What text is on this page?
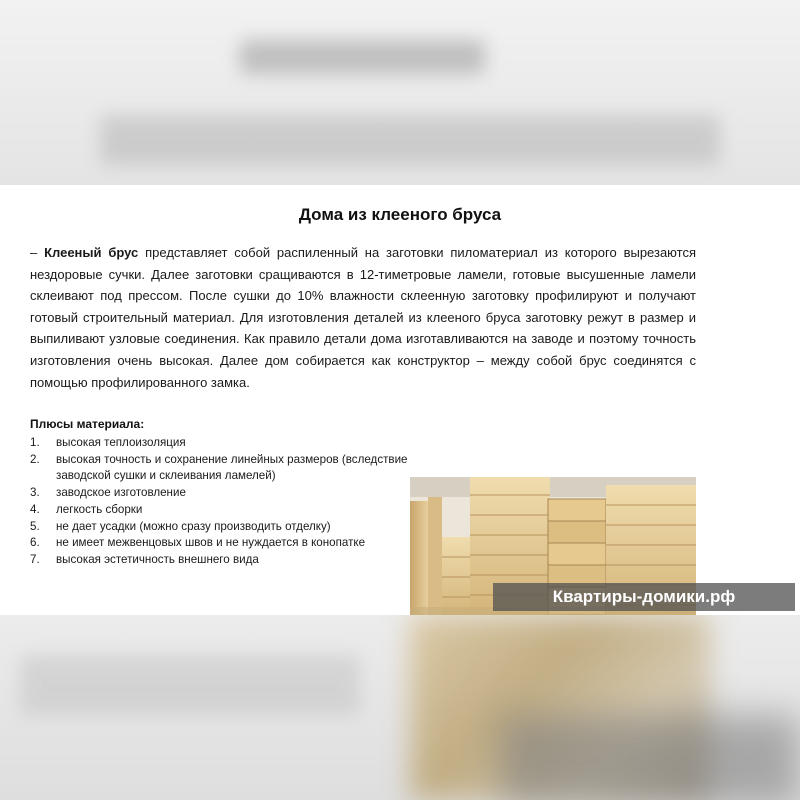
Дома из клееного бруса
– Клееный брус представляет собой распиленный на заготовки пиломатериал из которого вырезаются нездоровые сучки. Далее заготовки сращиваются в 12-тиметровые ламели, готовые высушенные ламели склеивают под прессом. После сушки до 10% влажности склеенную заготовку профилируют и получают готовый строительный материал. Для изготовления деталей из клееного бруса заготовку режут в размер и выпиливают узловые соединения. Как правило детали дома изготавливаются на заводе и поэтому точность изготовления очень высокая. Далее дом собирается как конструктор – между собой брус соединятся с помощью профилированного замка.
Плюсы материала:
1. высокая теплоизоляция
2. высокая точность и сохранение линейных размеров (вследствие заводской сушки и склеивания ламелей)
3. заводское изготовление
4. легкость сборки
5. не дает усадки (можно сразу производить отделку)
6. не имеет межвенцовых швов и не нуждается в конопатке
7. высокая эстетичность внешнего вида
Квартиры-домики.рф
